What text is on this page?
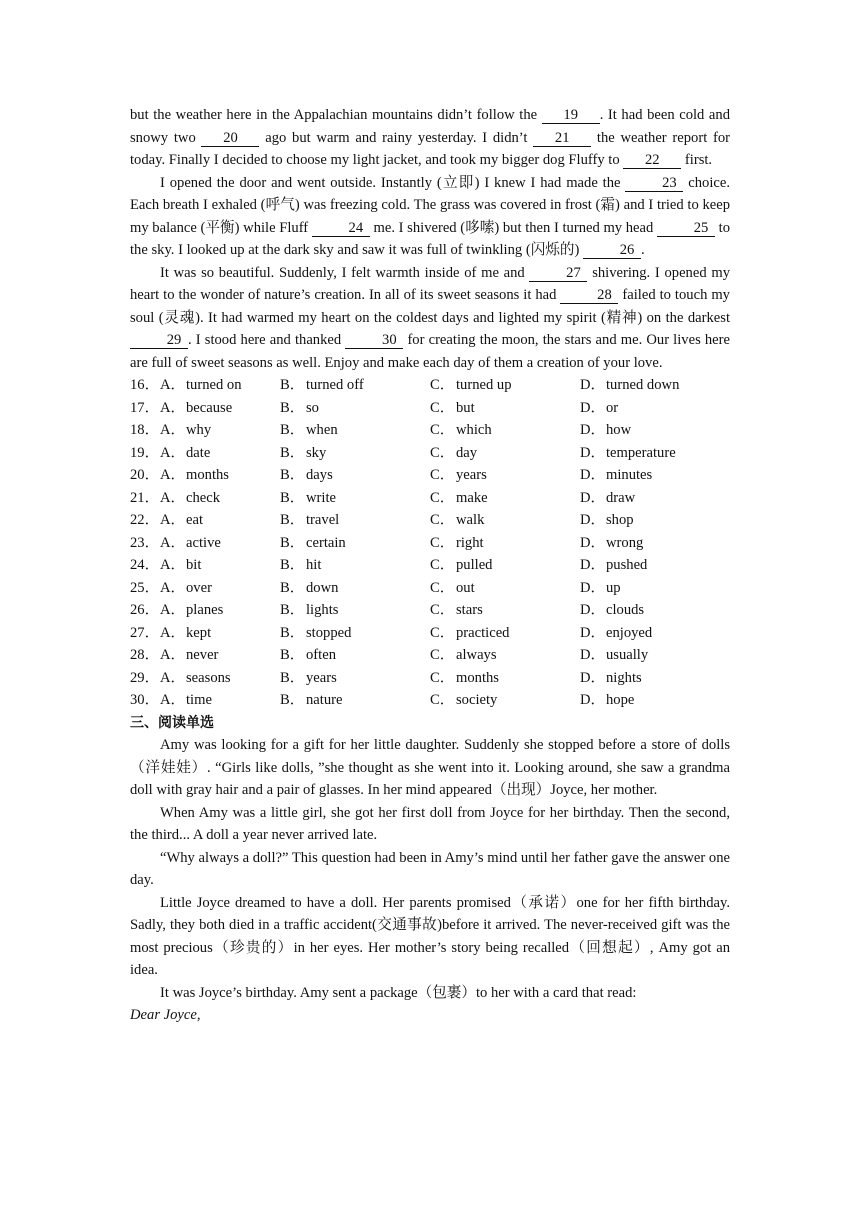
but the weather here in the Appalachian mountains didn’t follow the 19 . It had been cold and snowy two 20 ago but warm and rainy yesterday. I didn’t 21 the weather report for today. Finally I decided to choose my light jacket, and took my bigger dog Fluffy to 22 first.

I opened the door and went outside. Instantly (立即) I knew I had made the	23 choice. Each breath I exhaled (呼气) was freezing cold. The grass was covered in frost (霜) and I tried to keep my balance (平衡) while Fluff	24 me. I shivered (哆嗦) but then I turned my head	25 to the sky. I looked up at the dark sky and saw it was full of twinkling (闪烁的)	26 .

It was so beautiful. Suddenly, I felt warmth inside of me and	27 shivering. I opened my heart to the wonder of nature’s creation. In all of its sweet seasons it had	28 failed to touch my soul (灵魂). It had warmed my heart on the coldest days and lighted my spirit (精神) on the darkest 29 . I stood here and thanked	30 for creating the moon, the stars and me. Our lives here are full of sweet seasons as well. Enjoy and make each day of them a creation of your love.

16． A． turned on	B． turned off	C． turned up	D． turned down
17． A． because	B． so	C． but	D． or
18． A． why	B． when	C． which	D． how
19． A． date	B． sky	C． day	D． temperature
20． A． months	B． days	C． years	D． minutes
21． A． check	B． write	C． make	D． draw
22． A． eat	B． travel	C． walk	D． shop
23． A． active	B． certain	C． right	D． wrong
24． A． bit	B． hit	C． pulled	D． pushed
25． A． over	B． down	C． out	D． up
26． A． planes	B． lights	C． stars	D． clouds
27． A． kept	B． stopped	C． practiced	D． enjoyed
28． A． never	B． often	C． always	D． usually
29． A． seasons	B． years	C． months	D． nights
30． A． time	B． nature	C． society	D． hope
三、阅读单选

Amy was looking for a gift for her little daughter. Suddenly she stopped before a store of dolls（洋娃娃）. “Girls like dolls, ”she thought as she went into it. Looking around, she saw a grandma doll with gray hair and a pair of glasses. In her mind appeared（出现）Joyce, her mother.

When Amy was a little girl, she got her first doll from Joyce for her birthday. Then the second, the third... A doll a year never arrived late.

“Why always a doll?” This question had been in Amy’s mind until her father gave the answer one day.

Little Joyce dreamed to have a doll. Her parents promised（承诺）one for her fifth birthday. Sadly, they both died in a traffic accident(交通事故)before it arrived. The never-received gift was the most precious（珍贵的）in her eyes. Her mother’s story being recalled（回想起）, Amy got an idea.

It was Joyce’s birthday. Amy sent a package（包裹）to her with a card that read:

Dear Joyce,
